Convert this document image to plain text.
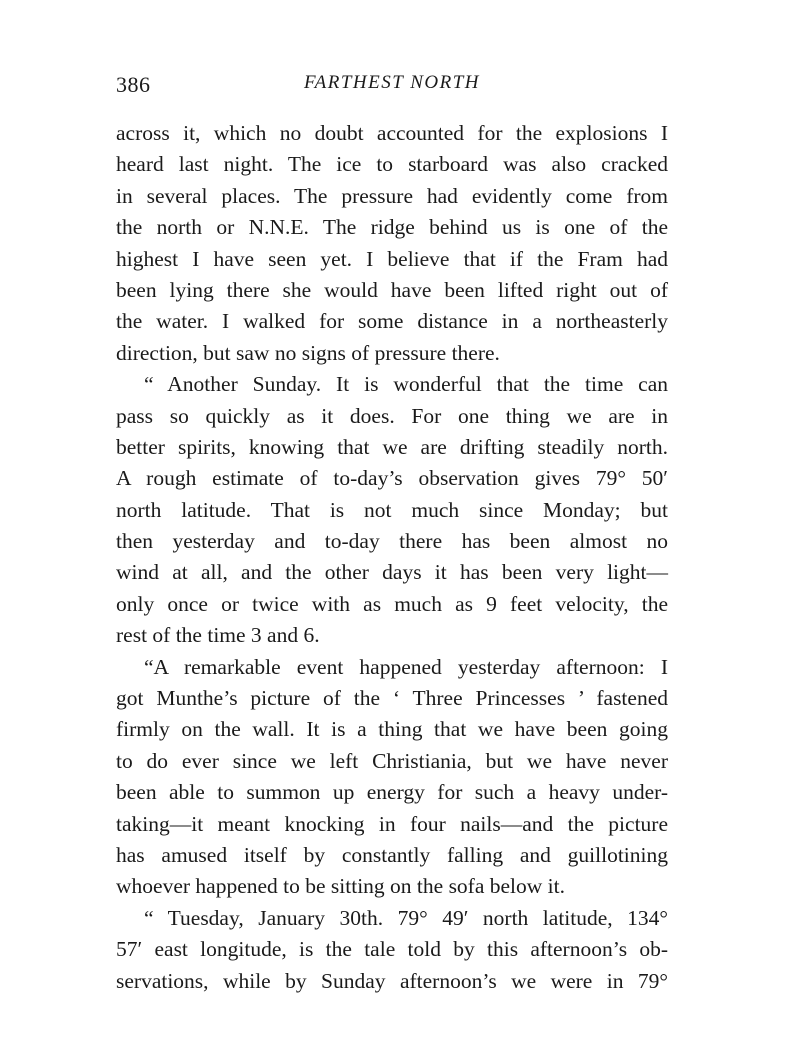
386	FARTHEST NORTH
across it, which no doubt accounted for the explosions I
heard last night. The ice to starboard was also cracked
in several places. The pressure had evidently come from
the north or N.N.E. The ridge behind us is one of the
highest I have seen yet. I believe that if the Fram had
been lying there she would have been lifted right out of
the water. I walked for some distance in a northeasterly
direction, but saw no signs of pressure there.
“ Another Sunday. It is wonderful that the time can
pass so quickly as it does. For one thing we are in
better spirits, knowing that we are drifting steadily north.
A rough estimate of to-day’s observation gives 79° 50′
north latitude. That is not much since Monday; but
then yesterday and to-day there has been almost no
wind at all, and the other days it has been very light—
only once or twice with as much as 9 feet velocity, the
rest of the time 3 and 6.
“A remarkable event happened yesterday afternoon: I
got Munthe’s picture of the ‘ Three Princesses ’ fastened
firmly on the wall. It is a thing that we have been going
to do ever since we left Christiania, but we have never
been able to summon up energy for such a heavy under-
taking—it meant knocking in four nails—and the picture
has amused itself by constantly falling and guillotining
whoever happened to be sitting on the sofa below it.
“ Tuesday, January 30th. 79° 49′ north latitude, 134°
57′ east longitude, is the tale told by this afternoon’s ob-
servations, while by Sunday afternoon’s we were in 79°
